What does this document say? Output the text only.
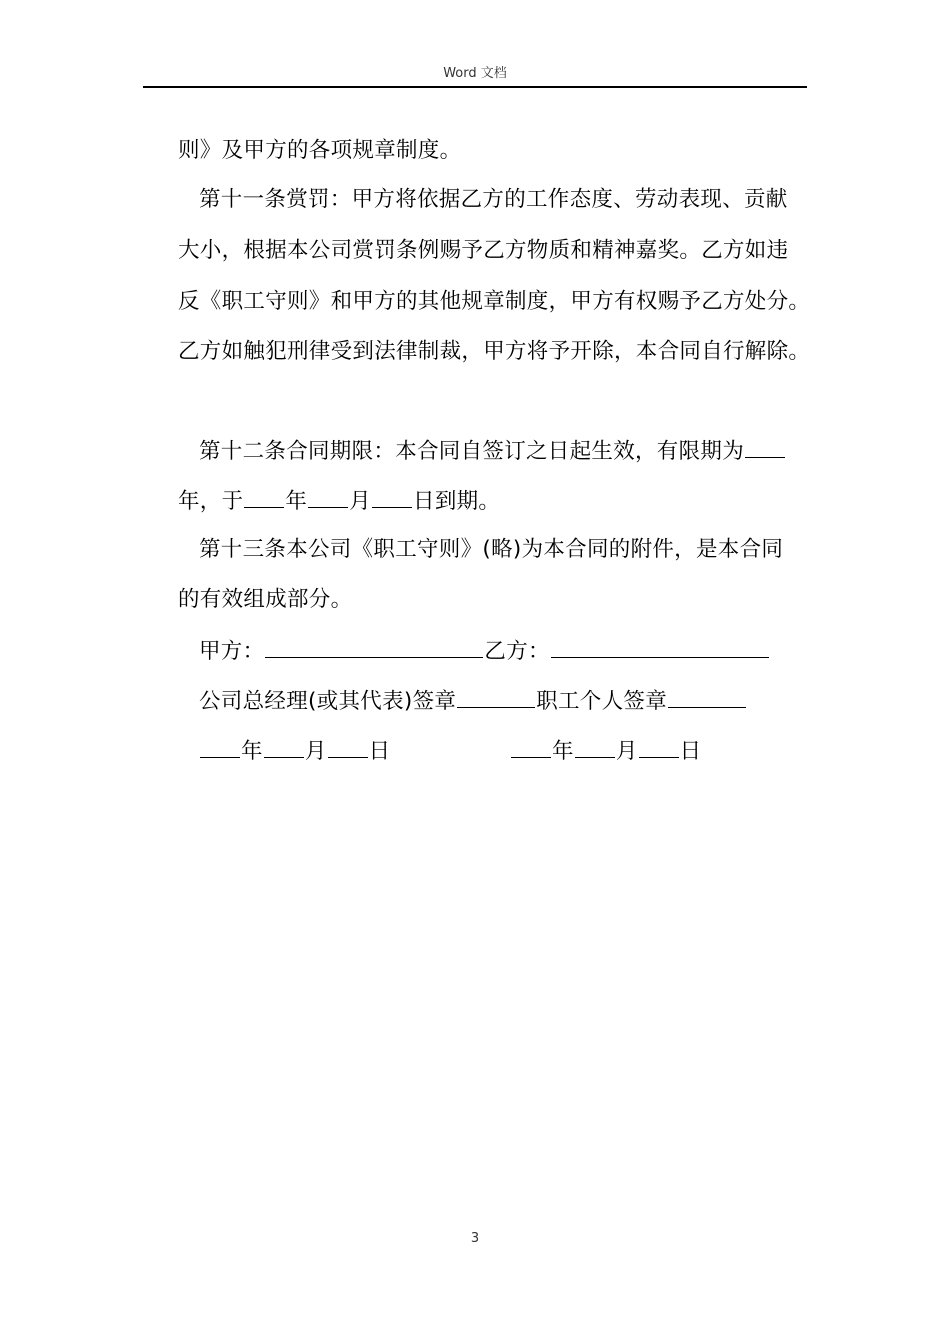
Word 文档
则》及甲方的各项规章制度。
第十一条赏罚：甲方将依据乙方的工作态度、劳动表现、贡献
大小，根据本公司赏罚条例赐予乙方物质和精神嘉奖。乙方如违
反《职工守则》和甲方的其他规章制度，甲方有权赐予乙方处分。
乙方如触犯刑律受到法律制裁，甲方将予开除，本合同自行解除。
第十二条合同期限：本合同自签订之日起生效，有限期为
年，于 年 月 日到期。
第十三条本公司《职工守则》(略)为本合同的附件，是本合同
的有效组成部分。
甲方：	乙方：
公司总经理(或其代表)签章	职工个人签章
年 月 日	年 月 日
3
